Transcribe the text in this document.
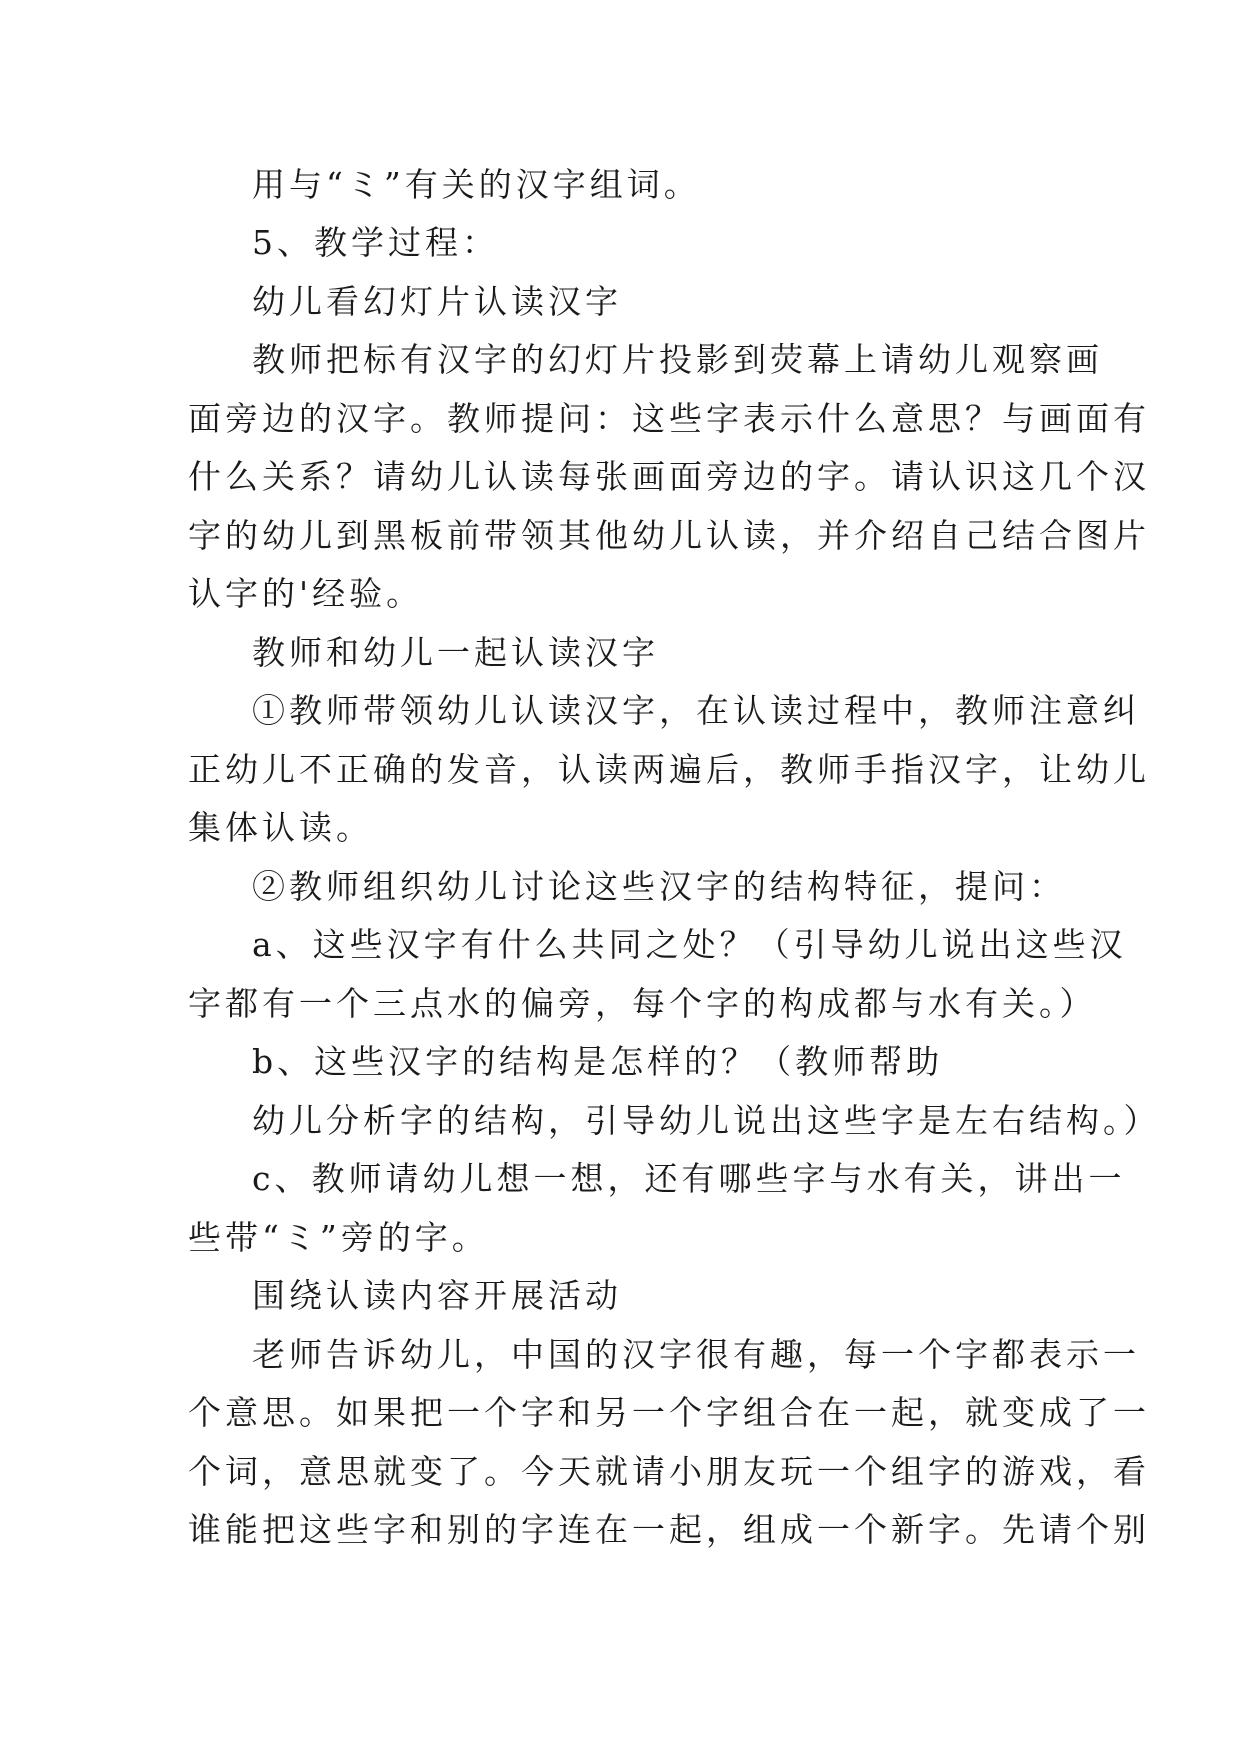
用与“ミ”有关的汉字组词。

5、教学过程：

幼儿看幻灯片认读汉字

教师把标有汉字的幻灯片投影到荧幕上请幼儿观察画

面旁边的汉字。教师提问：这些字表示什么意思？与画面有

什么关系？请幼儿认读每张画面旁边的字。请认识这几个汉

字的幼儿到黑板前带领其他幼儿认读，并介绍自己结合图片

认字的'经验。

教师和幼儿一起认读汉字

①教师带领幼儿认读汉字，在认读过程中，教师注意纠

正幼儿不正确的发音，认读两遍后，教师手指汉字，让幼儿

集体认读。

②教师组织幼儿讨论这些汉字的结构特征，提问：

a、这些汉字有什么共同之处？（引导幼儿说出这些汉

字都有一个三点水的偏旁，每个字的构成都与水有关。）

b、这些汉字的结构是怎样的？（教师帮助

幼儿分析字的结构，引导幼儿说出这些字是左右结构。）

c、教师请幼儿想一想，还有哪些字与水有关，讲出一

些带“ミ”旁的字。

围绕认读内容开展活动

老师告诉幼儿，中国的汉字很有趣，每一个字都表示一

个意思。如果把一个字和另一个字组合在一起，就变成了一

个词，意思就变了。今天就请小朋友玩一个组字的游戏，看

谁能把这些字和别的字连在一起，组成一个新字。先请个别
